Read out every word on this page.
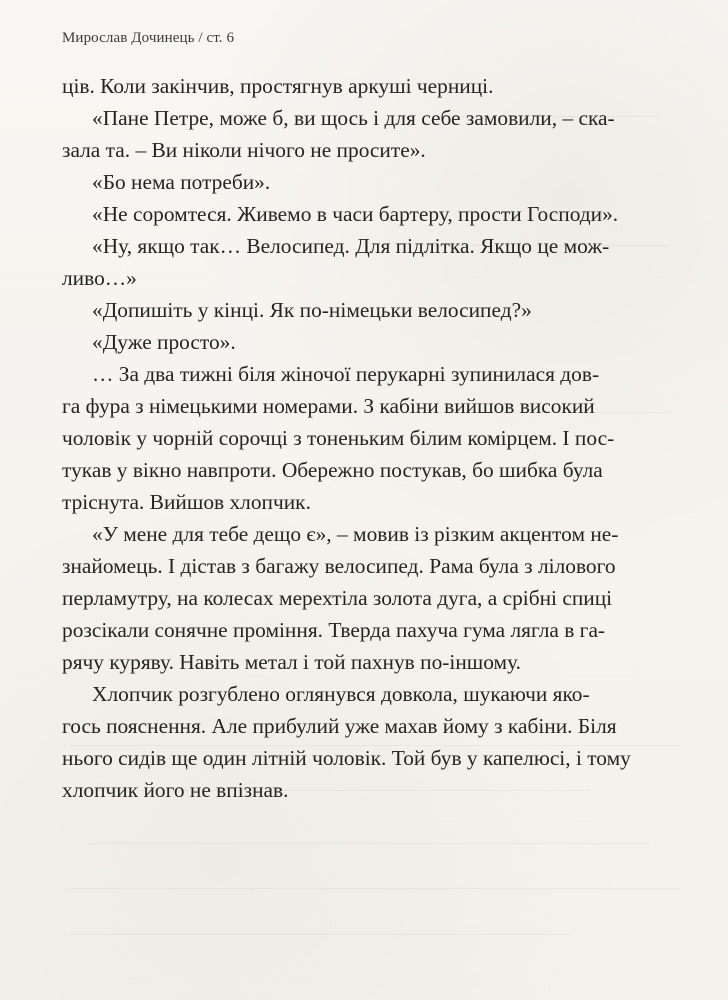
Мирослав Дочинець / ст. 6
цiв. Коли закінчив, простягнув аркуші черниці.
«Пане Петре, може б, ви щось і для себе замовили, – ска-
зала та. – Ви ніколи нічого не просите».
«Бо нема потреби».
«Не соромтеся. Живемо в часи бартеру, прости Господи».
«Ну, якщо так… Велосипед. Для підлітка. Якщо це мож-
ливо…»
«Допишіть у кінці. Як по-німецьки велосипед?»
«Дуже просто».
… За два тижні біля жіночої перукарні зупинилася дов-
га фура з німецькими номерами. З кабіни вийшов високий
чоловік у чорній сорочці з тоненьким білим комірцем. І пос-
тукав у вікно навпроти. Обережно постукав, бо шибка була
тріснута. Вийшов хлопчик.
«У мене для тебе дещо є», – мовив із різким акцентом не-
знайомець. І дістав з багажу велосипед. Рама була з лілового
перламутру, на колесах мерехтіла золота дуга, а срібні спиці
розсікали сонячне проміння. Тверда пахуча гума лягла в га-
рячу куряву. Навіть метал і той пахнув по-іншому.
Хлопчик розгублено оглянувся довкола, шукаючи яко-
гось пояснення. Але прибулий уже махав йому з кабіни. Біля
нього сидів ще один літній чоловік. Той був у капелюсі, і тому
хлопчик його не впізнав.
